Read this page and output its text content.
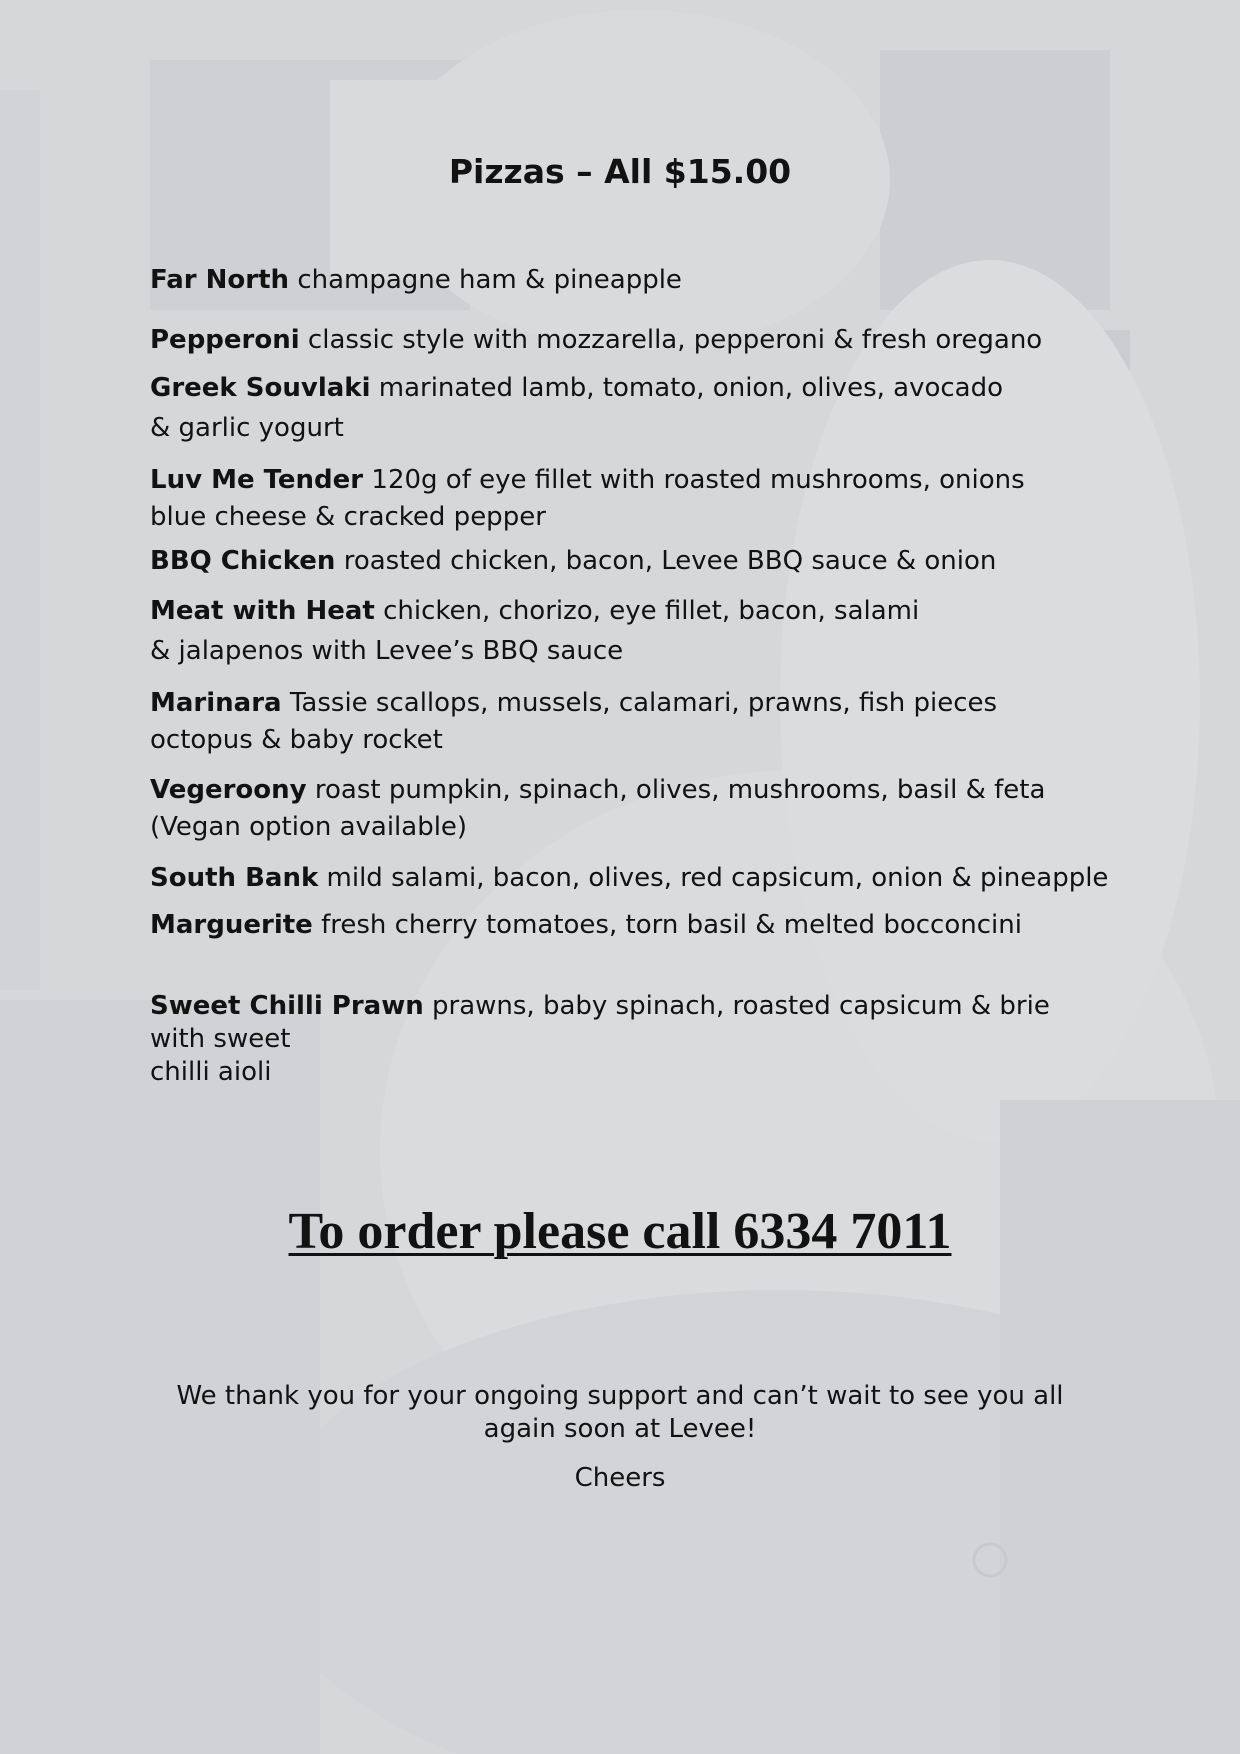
Pizzas – All $15.00
Far North champagne ham & pineapple
Pepperoni classic style with mozzarella, pepperoni & fresh oregano
Greek Souvlaki marinated lamb, tomato, onion, olives, avocado
& garlic yogurt
Luv Me Tender 120g of eye fillet with roasted mushrooms, onions
blue cheese & cracked pepper
BBQ Chicken roasted chicken, bacon, Levee BBQ sauce & onion
Meat with Heat chicken, chorizo, eye fillet, bacon, salami
& jalapenos with Levee’s BBQ sauce
Marinara Tassie scallops, mussels, calamari, prawns, fish pieces
octopus & baby rocket
Vegeroony roast pumpkin, spinach, olives, mushrooms, basil & feta
(Vegan option available)
South Bank mild salami, bacon, olives, red capsicum, onion & pineapple
Marguerite fresh cherry tomatoes, torn basil & melted bocconcini
Sweet Chilli Prawn prawns, baby spinach, roasted capsicum & brie with sweet
chilli aioli
To order please call 6334 7011
We thank you for your ongoing support and can’t wait to see you all again soon at Levee!
Cheers
